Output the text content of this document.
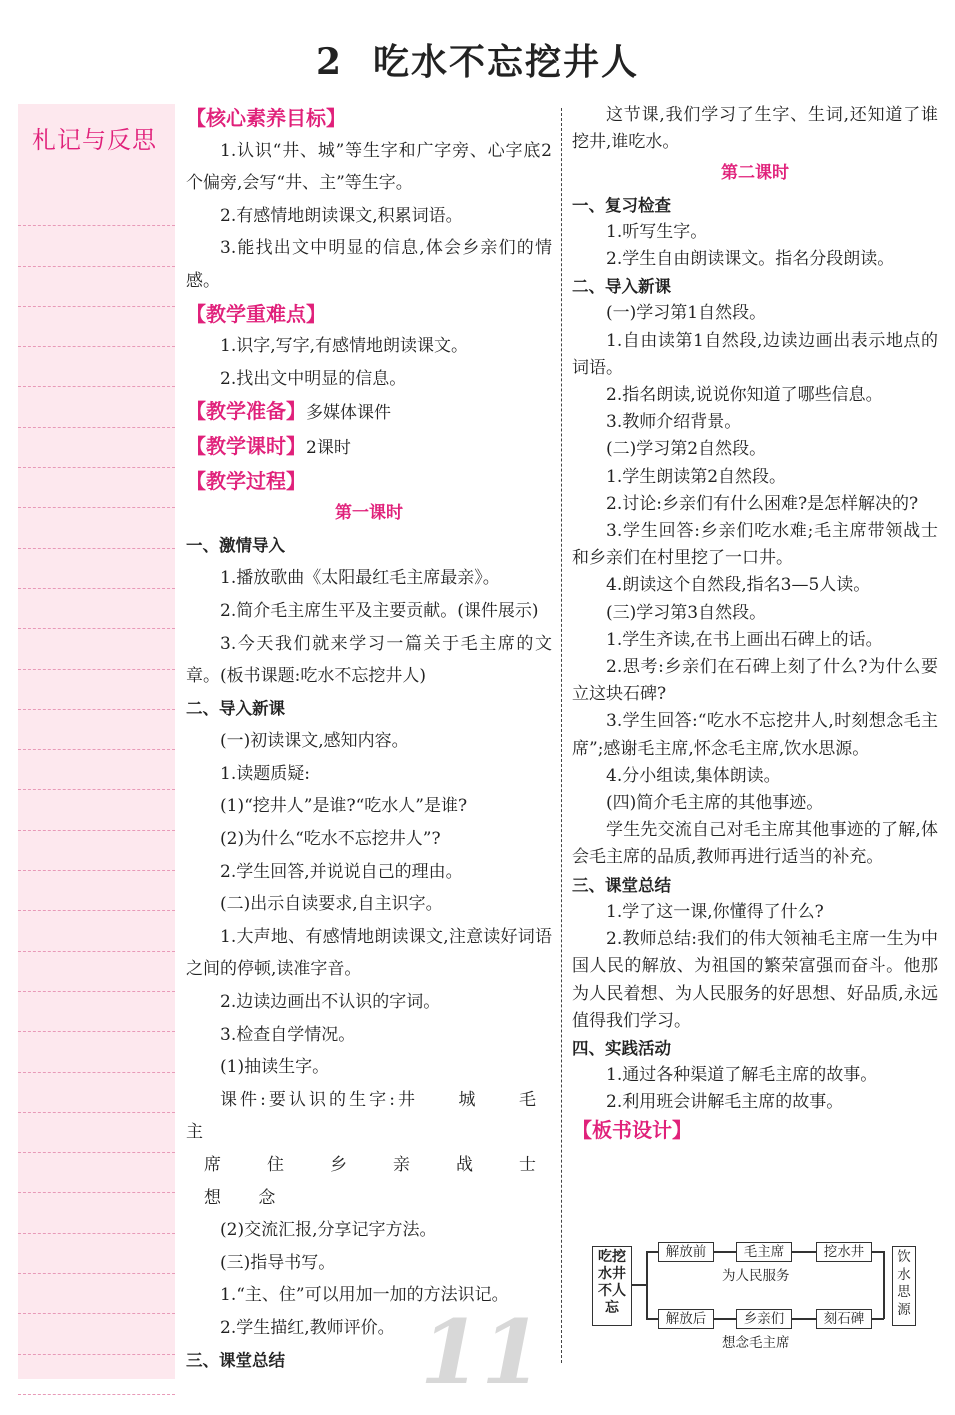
2 吃水不忘挖井人
札记与反思

【核心素养目标】

1.认识“井、城”等生字和广字旁、心字底2个偏旁,会写“井、主”等生字。

2.有感情地朗读课文,积累词语。

3.能找出文中明显的信息,体会乡亲们的情感。

【教学重难点】

1.识字,写字,有感情地朗读课文。

2.找出文中明显的信息。

【教学准备】多媒体课件

【教学课时】2课时

【教学过程】

第一课时

一、激情导入

1.播放歌曲《太阳最红毛主席最亲》。

2.简介毛主席生平及主要贡献。(课件展示)

3.今天我们就来学习一篇关于毛主席的文章。(板书课题:吃水不忘挖井人)

二、导入新课

(一)初读课文,感知内容。

1.读题质疑:

(1)“挖井人”是谁?“吃水人”是谁?

(2)为什么“吃水不忘挖井人”?

2.学生回答,并说说自己的理由。

(二)出示自读要求,自主识字。

1.大声地、有感情地朗读课文,注意读好词语之间的停顿,读准字音。

2.边读边画出不认识的字词。

3.检查自学情况。

(1)抽读生字。

课件:要认识的生字:井 城 毛 主

席 住 乡 亲 战 士 想 念

(2)交流汇报,分享记字方法。

(三)指导书写。

1.“主、住”可以用加一加的方法识记。

2.学生描红,教师评价。

三、课堂总结

这节课,我们学习了生字、生词,还知道了谁挖井,谁吃水。

第二课时

一、复习检查

1.听写生字。

2.学生自由朗读课文。指名分段朗读。

二、导入新课

(一)学习第1自然段。

1.自由读第1自然段,边读边画出表示地点的词语。

2.指名朗读,说说你知道了哪些信息。

3.教师介绍背景。

(二)学习第2自然段。

1.学生朗读第2自然段。

2.讨论:乡亲们有什么困难?是怎样解决的?

3.学生回答:乡亲们吃水难;毛主席带领战士和乡亲们在村里挖了一口井。

4.朗读这个自然段,指名3—5人读。

(三)学习第3自然段。

1.学生齐读,在书上画出石碑上的话。

2.思考:乡亲们在石碑上刻了什么?为什么要立这块石碑?

3.学生回答:“吃水不忘挖井人,时刻想念毛主席”;感谢毛主席,怀念毛主席,饮水思源。

4.分小组读,集体朗读。

(四)简介毛主席的其他事迹。

学生先交流自己对毛主席其他事迹的了解,体会毛主席的品质,教师再进行适当的补充。

三、课堂总结

1.学了这一课,你懂得了什么?

2.教师总结:我们的伟大领袖毛主席一生为中国人民的解放、为祖国的繁荣富强而奋斗。他那为人民着想、为人民服务的好思想、好品质,永远值得我们学习。

四、实践活动

1.通过各种渠道了解毛主席的故事。

2.利用班会讲解毛主席的故事。

【板书设计】

吃挖水井不人忘
解放前	毛主席	挖水井
为人民服务
解放后	乡亲们	刻石碑
想念毛主席
饮水思源
11
